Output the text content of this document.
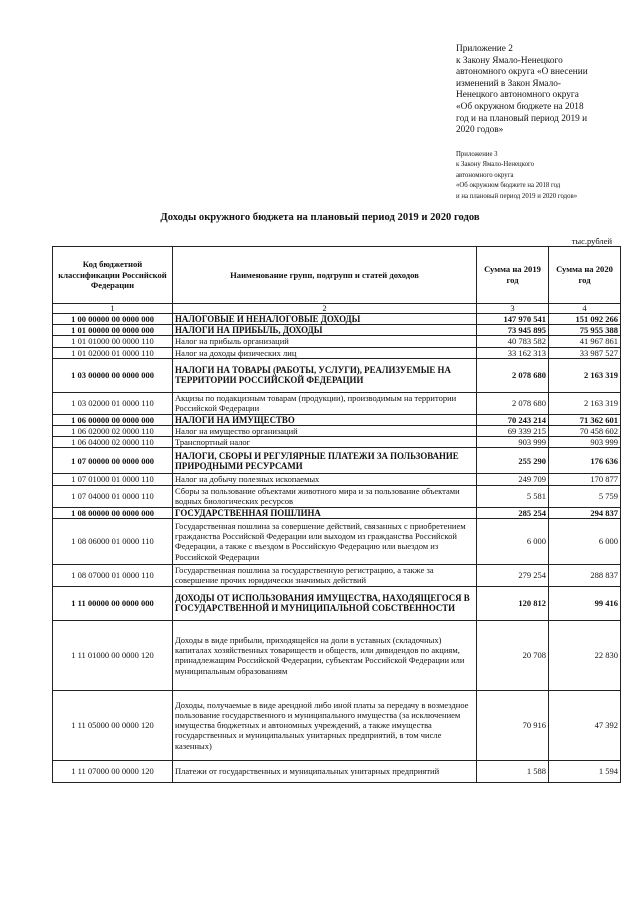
Приложение 2
к Закону Ямало-Ненецкого
автономного округа «О внесении
изменений в Закон Ямало-
Ненецкого автономного округа
«Об окружном бюджете на 2018
год и на плановый период 2019 и
2020 годов»
Приложение 3
к Закону Ямало-Ненецкого
автономного округа
«Об окружном бюджете на 2018 год
и на плановый период 2019 и 2020 годов»
Доходы окружного бюджета на плановый период 2019 и 2020 годов
тыс.рублей
Код бюджетной классификации Российской Федерации	Наименование групп, подгрупп и статей доходов	Сумма на 2019 год	Сумма на 2020 год
1	2	3	4
1 00 00000 00 0000 000	НАЛОГОВЫЕ И НЕНАЛОГОВЫЕ ДОХОДЫ	147 970 541	151 092 266
1 01 00000 00 0000 000	НАЛОГИ НА ПРИБЫЛЬ, ДОХОДЫ	73 945 895	75 955 388
1 01 01000 00 0000 110	Налог на прибыль организаций	40 783 582	41 967 861
1 01 02000 01 0000 110	Налог на доходы физических лиц	33 162 313	33 987 527
1 03 00000 00 0000 000	НАЛОГИ НА ТОВАРЫ (РАБОТЫ, УСЛУГИ), РЕАЛИЗУЕМЫЕ НА ТЕРРИТОРИИ РОССИЙСКОЙ ФЕДЕРАЦИИ	2 078 680	2 163 319
1 03 02000 01 0000 110	Акцизы по подакцизным товарам (продукции), производимым на территории Российской Федерации	2 078 680	2 163 319
1 06 00000 00 0000 000	НАЛОГИ НА ИМУЩЕСТВО	70 243 214	71 362 601
1 06 02000 02 0000 110	Налог на имущество организаций	69 339 215	70 458 602
1 06 04000 02 0000 110	Транспортный налог	903 999	903 999
1 07 00000 00 0000 000	НАЛОГИ, СБОРЫ И РЕГУЛЯРНЫЕ ПЛАТЕЖИ ЗА ПОЛЬЗОВАНИЕ ПРИРОДНЫМИ РЕСУРСАМИ	255 290	176 636
1 07 01000 01 0000 110	Налог на добычу полезных ископаемых	249 709	170 877
1 07 04000 01 0000 110	Сборы за пользование объектами животного мира и за пользование объектами водных биологических ресурсов	5 581	5 759
1 08 00000 00 0000 000	ГОСУДАРСТВЕННАЯ ПОШЛИНА	285 254	294 837
1 08 06000 01 0000 110	Государственная пошлина за совершение действий, связанных с приобретением гражданства Российской Федерации или выходом из гражданства Российской Федерации, а также с въездом в Российскую Федерацию или выездом из Российской Федерации	6 000	6 000
1 08 07000 01 0000 110	Государственная пошлина за государственную регистрацию, а также за совершение прочих юридически значимых действий	279 254	288 837
1 11 00000 00 0000 000	ДОХОДЫ ОТ ИСПОЛЬЗОВАНИЯ ИМУЩЕСТВА, НАХОДЯЩЕГОСЯ В ГОСУДАРСТВЕННОЙ И МУНИЦИПАЛЬНОЙ СОБСТВЕННОСТИ	120 812	99 416
1 11 01000 00 0000 120	Доходы в виде прибыли, приходящейся на доли в уставных (складочных) капиталах хозяйственных товариществ и обществ, или дивидендов по акциям, принадлежащим Российской Федерации, субъектам Российской Федерации или муниципальным образованиям	20 708	22 830
1 11 05000 00 0000 120	Доходы, получаемые в виде арендной либо иной платы за передачу в возмездное пользование государственного и муниципального имущества (за исключением имущества бюджетных и автономных учреждений, а также имущества государственных и муниципальных унитарных предприятий, в том числе казенных)	70 916	47 392
1 11 07000 00 0000 120	Платежи от государственных и муниципальных унитарных предприятий	1 588	1 594
